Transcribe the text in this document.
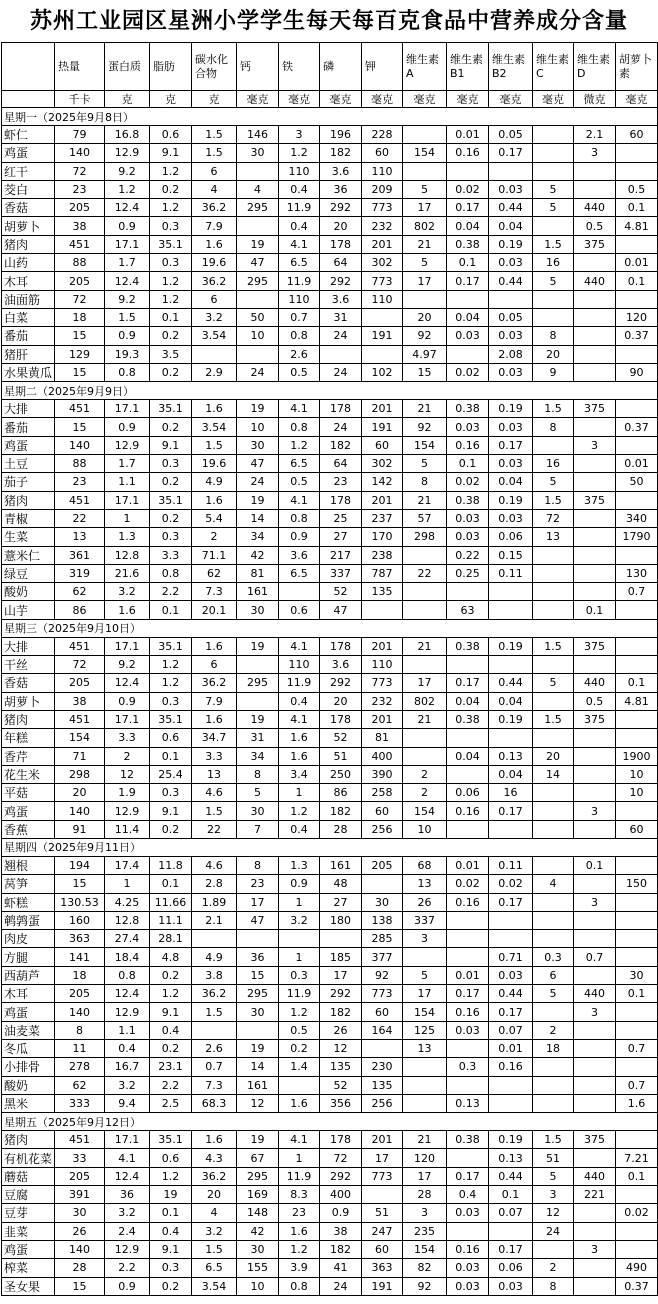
苏州工业园区星洲小学学生每天每百克食品中营养成分含量
	热量	蛋白质	脂肪	碳水化合物	钙	铁	磷	钾	维生素A	维生素B1	维生素B2	维生素C	维生素D	胡萝卜素
	千卡	克	克	克	毫克	毫克	毫克	毫克	毫克	毫克	毫克	毫克	微克	毫克
星期一（2025年9月8日）														
虾仁	79	16.8	0.6	1.5	146	3	196	228		0.01	0.05		2.1	60
鸡蛋	140	12.9	9.1	1.5	30	1.2	182	60	154	0.16	0.17		3	
红干	72	9.2	1.2	6		110	3.6	110						
茭白	23	1.2	0.2	4	4	0.4	36	209	5	0.02	0.03	5		0.5
香菇	205	12.4	1.2	36.2	295	11.9	292	773	17	0.17	0.44	5	440	0.1
胡萝卜	38	0.9	0.3	7.9		0.4	20	232	802	0.04	0.04		0.5	4.81
猪肉	451	17.1	35.1	1.6	19	4.1	178	201	21	0.38	0.19	1.5	375	
山药	88	1.7	0.3	19.6	47	6.5	64	302	5	0.1	0.03	16		0.01
木耳	205	12.4	1.2	36.2	295	11.9	292	773	17	0.17	0.44	5	440	0.1
油面筋	72	9.2	1.2	6		110	3.6	110						
白菜	18	1.5	0.1	3.2	50	0.7	31		20	0.04	0.05			120
番茄	15	0.9	0.2	3.54	10	0.8	24	191	92	0.03	0.03	8		0.37
猪肝	129	19.3	3.5			2.6			4.97		2.08	20		
水果黄瓜	15	0.8	0.2	2.9	24	0.5	24	102	15	0.02	0.03	9		90
星期二（2025年9月9日）														
大排	451	17.1	35.1	1.6	19	4.1	178	201	21	0.38	0.19	1.5	375	
番茄	15	0.9	0.2	3.54	10	0.8	24	191	92	0.03	0.03	8		0.37
鸡蛋	140	12.9	9.1	1.5	30	1.2	182	60	154	0.16	0.17		3	
土豆	88	1.7	0.3	19.6	47	6.5	64	302	5	0.1	0.03	16		0.01
茄子	23	1.1	0.2	4.9	24	0.5	23	142	8	0.02	0.04	5		50
猪肉	451	17.1	35.1	1.6	19	4.1	178	201	21	0.38	0.19	1.5	375	
青椒	22	1	0.2	5.4	14	0.8	25	237	57	0.03	0.03	72		340
生菜	13	1.3	0.3	2	34	0.9	27	170	298	0.03	0.06	13		1790
薏米仁	361	12.8	3.3	71.1	42	3.6	217	238		0.22	0.15			
绿豆	319	21.6	0.8	62	81	6.5	337	787	22	0.25	0.11			130
酸奶	62	3.2	2.2	7.3	161		52	135						0.7
山芋	86	1.6	0.1	20.1	30	0.6	47			63			0.1	
星期三（2025年9月10日）														
大排	451	17.1	35.1	1.6	19	4.1	178	201	21	0.38	0.19	1.5	375	
干丝	72	9.2	1.2	6		110	3.6	110						
香菇	205	12.4	1.2	36.2	295	11.9	292	773	17	0.17	0.44	5	440	0.1
胡萝卜	38	0.9	0.3	7.9		0.4	20	232	802	0.04	0.04		0.5	4.81
猪肉	451	17.1	35.1	1.6	19	4.1	178	201	21	0.38	0.19	1.5	375	
年糕	154	3.3	0.6	34.7	31	1.6	52	81						
香芹	71	2	0.1	3.3	34	1.6	51	400		0.04	0.13	20		1900
花生米	298	12	25.4	13	8	3.4	250	390	2		0.04	14		10
平菇	20	1.9	0.3	4.6	5	1	86	258	2	0.06	16			10
鸡蛋	140	12.9	9.1	1.5	30	1.2	182	60	154	0.16	0.17		3	
香蕉	91	11.4	0.2	22	7	0.4	28	256	10					60
星期四（2025年9月11日）														
翘根	194	17.4	11.8	4.6	8	1.3	161	205	68	0.01	0.11		0.1	
莴笋	15	1	0.1	2.8	23	0.9	48		13	0.02	0.02	4		150
虾糕	130.53	4.25	11.66	1.89	17	1	27	30	26	0.16	0.17		3	
鹌鹑蛋	160	12.8	11.1	2.1	47	3.2	180	138	337					
肉皮	363	27.4	28.1					285	3					
方腿	141	18.4	4.8	4.9	36	1	185	377			0.71	0.3	0.7	
西葫芦	18	0.8	0.2	3.8	15	0.3	17	92	5	0.01	0.03	6		30
木耳	205	12.4	1.2	36.2	295	11.9	292	773	17	0.17	0.44	5	440	0.1
鸡蛋	140	12.9	9.1	1.5	30	1.2	182	60	154	0.16	0.17		3	
油麦菜	8	1.1	0.4			0.5	26	164	125	0.03	0.07	2		
冬瓜	11	0.4	0.2	2.6	19	0.2	12		13		0.01	18		0.7
小排骨	278	16.7	23.1	0.7	14	1.4	135	230		0.3	0.16			
酸奶	62	3.2	2.2	7.3	161		52	135						0.7
黑米	333	9.4	2.5	68.3	12	1.6	356	256		0.13				1.6
星期五（2025年9月12日）														
猪肉	451	17.1	35.1	1.6	19	4.1	178	201	21	0.38	0.19	1.5	375	
有机花菜	33	4.1	0.6	4.3	67	1	72	17	120		0.13	51		7.21
蘑菇	205	12.4	1.2	36.2	295	11.9	292	773	17	0.17	0.44	5	440	0.1
豆腐	391	36	19	20	169	8.3	400		28	0.4	0.1	3	221	
豆芽	30	3.2	0.1	4	148	23	0.9	51	3	0.03	0.07	12		0.02
韭菜	26	2.4	0.4	3.2	42	1.6	38	247	235			24		
鸡蛋	140	12.9	9.1	1.5	30	1.2	182	60	154	0.16	0.17		3	
榨菜	28	2.2	0.3	6.5	155	3.9	41	363	82	0.03	0.06	2		490
圣女果	15	0.9	0.2	3.54	10	0.8	24	191	92	0.03	0.03	8		0.37
